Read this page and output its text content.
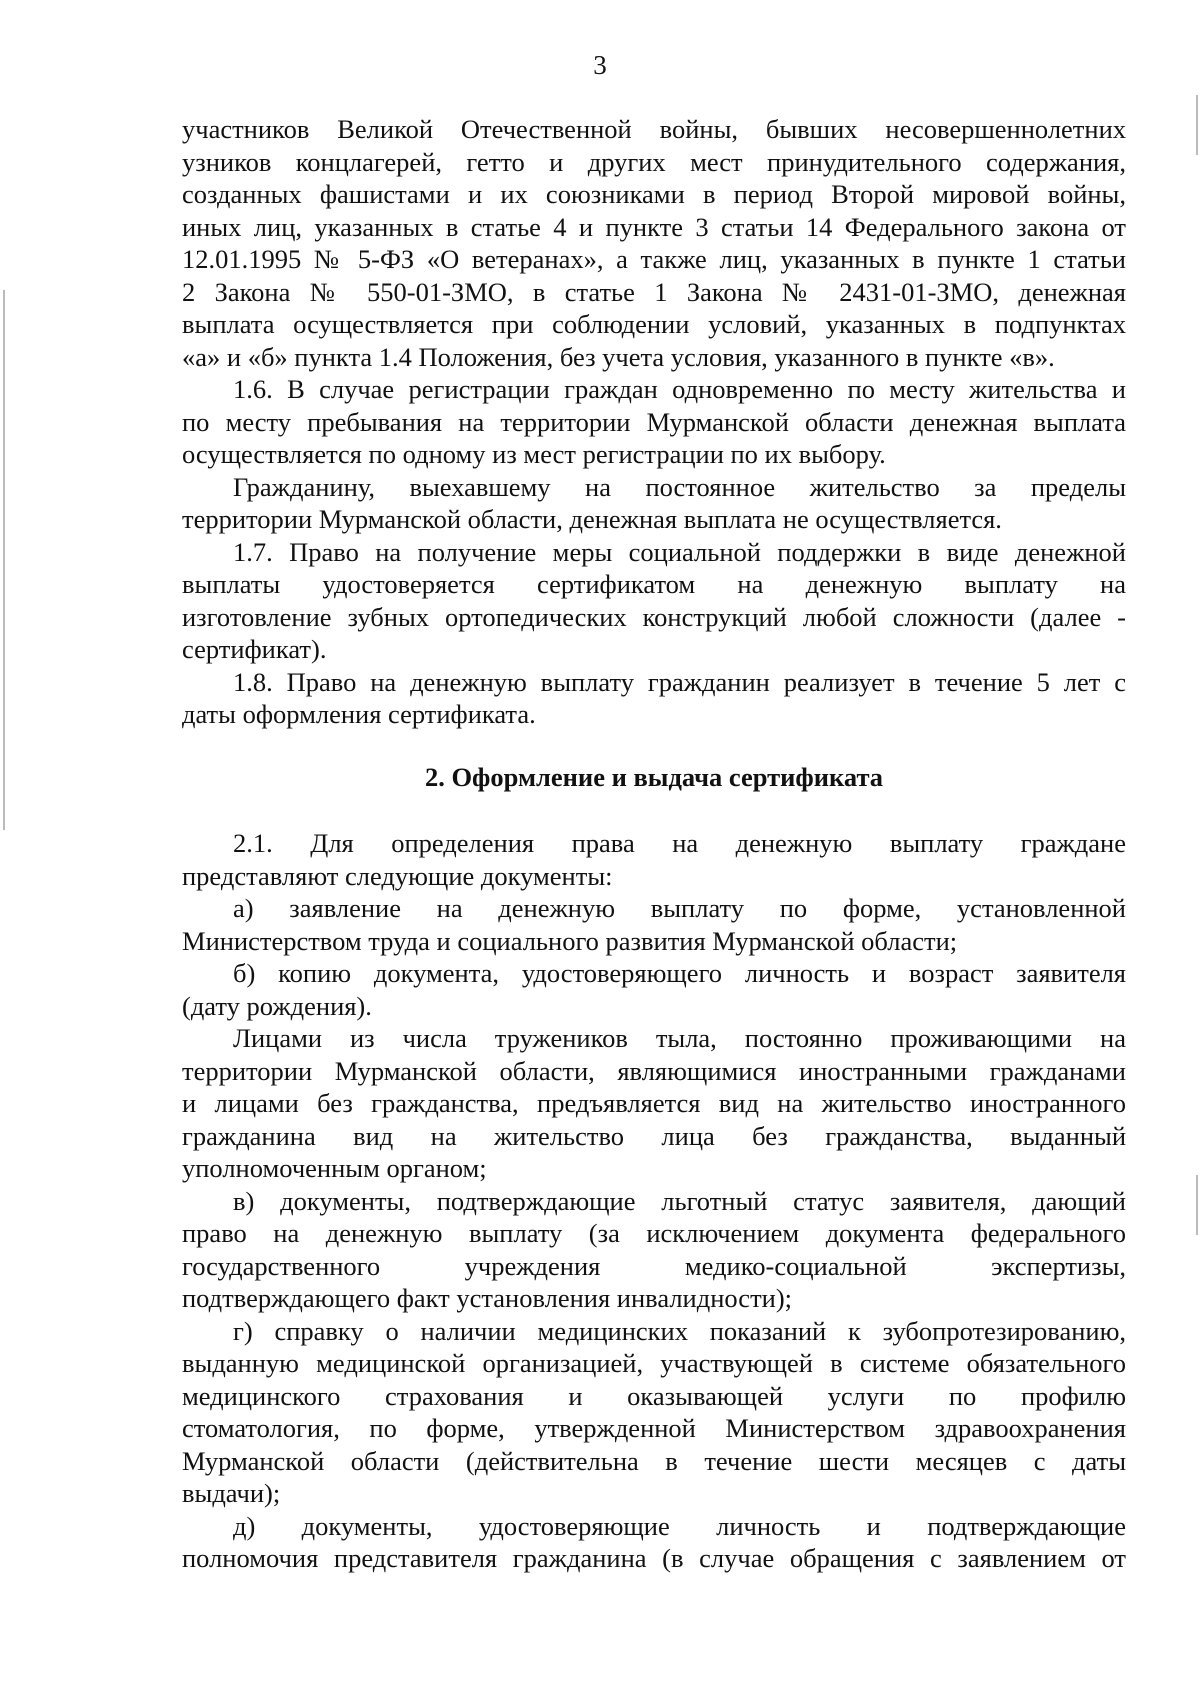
3
участников Великой Отечественной войны, бывших несовершеннолетних
узников концлагерей, гетто и других мест принудительного содержания,
созданных фашистами и их союзниками в период Второй мировой войны,
иных лиц, указанных в статье 4 и пункте 3 статьи 14 Федерального закона от
12.01.1995 № 5-ФЗ «О ветеранах», а также лиц, указанных в пункте 1 статьи
2 Закона № 550-01-ЗМО, в статье 1 Закона № 2431-01-ЗМО, денежная
выплата осуществляется при соблюдении условий, указанных в подпунктах
«а» и «б» пункта 1.4 Положения, без учета условия, указанного в пункте «в».
1.6. В случае регистрации граждан одновременно по месту жительства и
по месту пребывания на территории Мурманской области денежная выплата
осуществляется по одному из мест регистрации по их выбору.
Гражданину, выехавшему на постоянное жительство за пределы
территории Мурманской области, денежная выплата не осуществляется.
1.7. Право на получение меры социальной поддержки в виде денежной
выплаты удостоверяется сертификатом на денежную выплату на
изготовление зубных ортопедических конструкций любой сложности (далее -
сертификат).
1.8. Право на денежную выплату гражданин реализует в течение 5 лет с
даты оформления сертификата.
2. Оформление и выдача сертификата
2.1. Для определения права на денежную выплату граждане
представляют следующие документы:
а) заявление на денежную выплату по форме, установленной
Министерством труда и социального развития Мурманской области;
б) копию документа, удостоверяющего личность и возраст заявителя
(дату рождения).
Лицами из числа тружеников тыла, постоянно проживающими на
территории Мурманской области, являющимися иностранными гражданами
и лицами без гражданства, предъявляется вид на жительство иностранного
гражданина вид на жительство лица без гражданства, выданный
уполномоченным органом;
в) документы, подтверждающие льготный статус заявителя, дающий
право на денежную выплату (за исключением документа федерального
государственного учреждения медико-социальной экспертизы,
подтверждающего факт установления инвалидности);
г) справку о наличии медицинских показаний к зубопротезированию,
выданную медицинской организацией, участвующей в системе обязательного
медицинского страхования и оказывающей услуги по профилю
стоматология, по форме, утвержденной Министерством здравоохранения
Мурманской области (действительна в течение шести месяцев с даты
выдачи);
д) документы, удостоверяющие личность и подтверждающие
полномочия представителя гражданина (в случае обращения с заявлением от
